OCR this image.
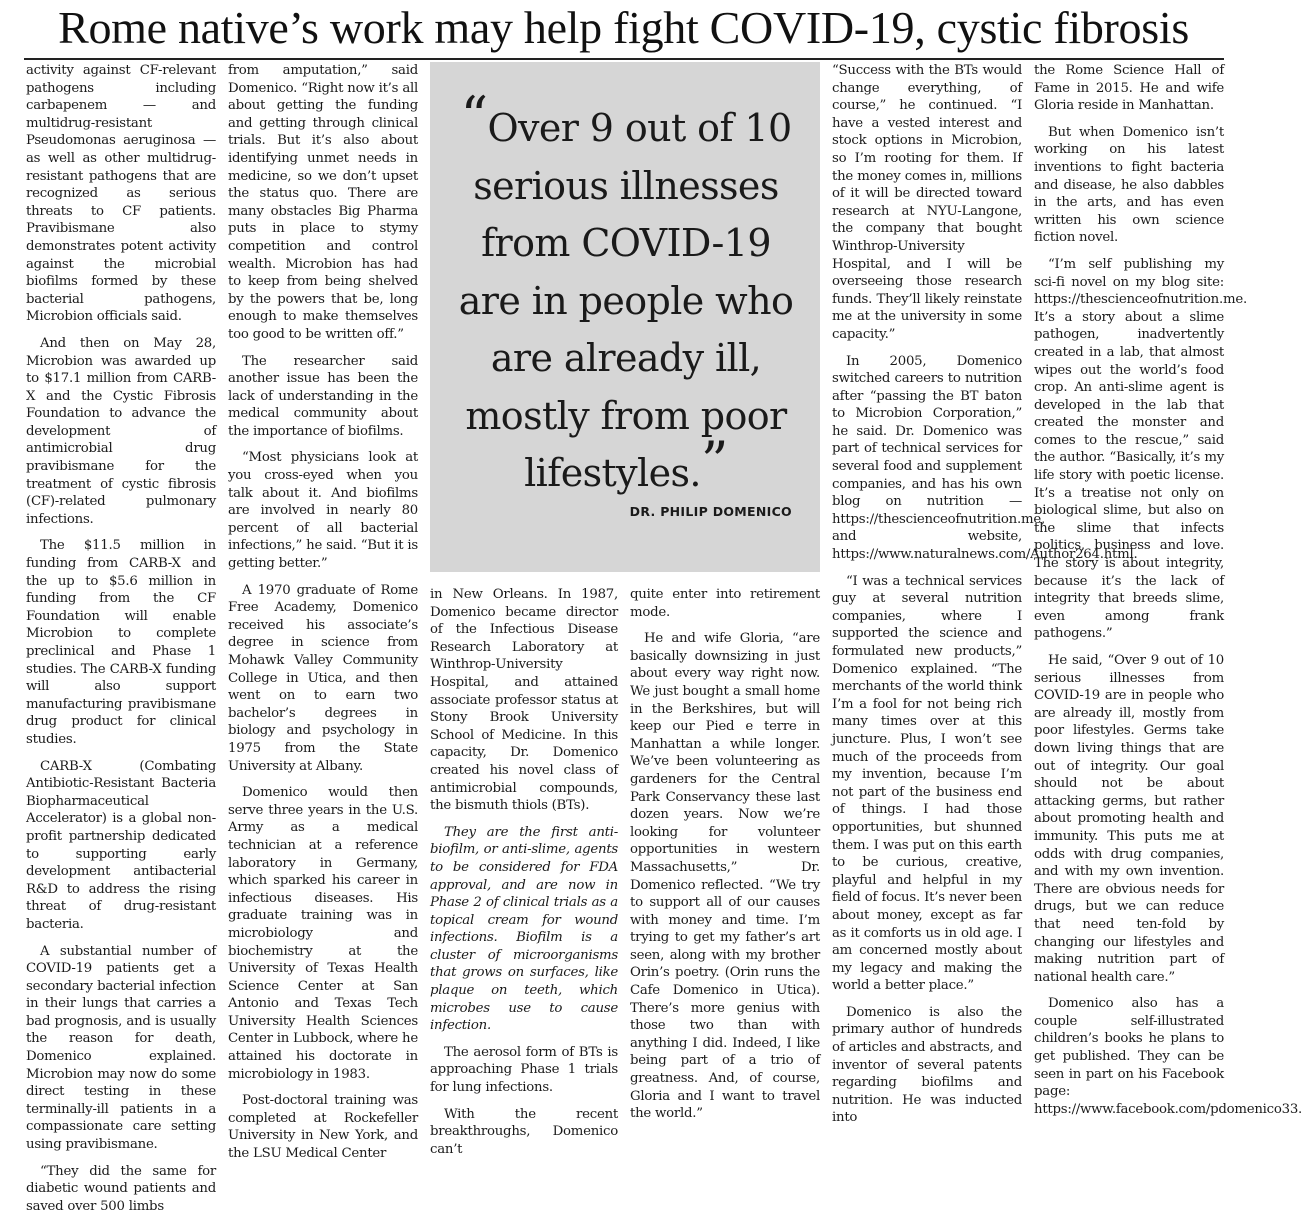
Rome native’s work may help fight COVID-19, cystic fibrosis

activity against CF-relevant pathogens including carbapenem — and multidrug-resistant Pseudomonas aeruginosa — as well as other multidrug-resistant pathogens that are recognized as serious threats to CF patients. Pravibismane also demonstrates potent activity against the microbial biofilms formed by these bacterial pathogens, Microbion officials said.

And then on May 28, Microbion was awarded up to $17.1 million from CARB-X and the Cystic Fibrosis Foundation to advance the development of antimicrobial drug pravibismane for the treatment of cystic fibrosis (CF)-related pulmonary infections.

The $11.5 million in funding from CARB-X and the up to $5.6 million in funding from the CF Foundation will enable Microbion to complete preclinical and Phase 1 studies. The CARB-X funding will also support manufacturing pravibismane drug product for clinical studies.

CARB-X (Combating Antibiotic-Resistant Bacteria Biopharmaceutical Accelerator) is a global non-profit partnership dedicated to supporting early development antibacterial R&D to address the rising threat of drug-resistant bacteria.

A substantial number of COVID-19 patients get a secondary bacterial infection in their lungs that carries a bad prognosis, and is usually the reason for death, Domenico explained. Microbion may now do some direct testing in these terminally-ill patients in a compassionate care setting using pravibismane.

“They did the same for diabetic wound patients and saved over 500 limbs

from amputation,” said Domenico. “Right now it’s all about getting the funding and getting through clinical trials. But it’s also about identifying unmet needs in medicine, so we don’t upset the status quo. There are many obstacles Big Pharma puts in place to stymy competition and control wealth. Microbion has had to keep from being shelved by the powers that be, long enough to make themselves too good to be written off.”

The researcher said another issue has been the lack of understanding in the medical community about the importance of biofilms.

“Most physicians look at you cross-eyed when you talk about it. And biofilms are involved in nearly 80 percent of all bacterial infections,” he said. “But it is getting better.”

A 1970 graduate of Rome Free Academy, Domenico received his associate’s degree in science from Mohawk Valley Community College in Utica, and then went on to earn two bachelor’s degrees in biology and psychology in 1975 from the State University at Albany.

Domenico would then serve three years in the U.S. Army as a medical technician at a reference laboratory in Germany, which sparked his career in infectious diseases. His graduate training was in microbiology and biochemistry at the University of Texas Health Science Center at San Antonio and Texas Tech University Health Sciences Center in Lubbock, where he attained his doctorate in microbiology in 1983.

Post-doctoral training was completed at Rockefeller University in New York, and the LSU Medical Center

“Over 9 out of 10 serious illnesses from COVID-19 are in people who are already ill, mostly from poor lifestyles.”
DR. PHILIP DOMENICO

in New Orleans. In 1987, Domenico became director of the Infectious Disease Research Laboratory at Winthrop-University Hospital, and attained associate professor status at Stony Brook University School of Medicine. In this capacity, Dr. Domenico created his novel class of antimicrobial compounds, the bismuth thiols (BTs).

They are the first anti-biofilm, or anti-slime, agents to be considered for FDA approval, and are now in Phase 2 of clinical trials as a topical cream for wound infections. Biofilm is a cluster of microorganisms that grows on surfaces, like plaque on teeth, which microbes use to cause infection.

The aerosol form of BTs is approaching Phase 1 trials for lung infections.

With the recent breakthroughs, Domenico can’t

quite enter into retirement mode.

He and wife Gloria, “are basically downsizing in just about every way right now. We just bought a small home in the Berkshires, but will keep our Pied e terre in Manhattan a while longer. We’ve been volunteering as gardeners for the Central Park Conservancy these last dozen years. Now we’re looking for volunteer opportunities in western Massachusetts,” Dr. Domenico reflected. “We try to support all of our causes with money and time. I’m trying to get my father’s art seen, along with my brother Orin’s poetry. (Orin runs the Cafe Domenico in Utica). There’s more genius with those two than with anything I did. Indeed, I like being part of a trio of greatness. And, of course, Gloria and I want to travel the world.”

“Success with the BTs would change everything, of course,” he continued. “I have a vested interest and stock options in Microbion, so I’m rooting for them. If the money comes in, millions of it will be directed toward research at NYU-Langone, the company that bought Winthrop-University Hospital, and I will be overseeing those research funds. They’ll likely reinstate me at the university in some capacity.”

In 2005, Domenico switched careers to nutrition after “passing the BT baton to Microbion Corporation,” he said. Dr. Domenico was part of technical services for several food and supplement companies, and has his own blog on nutrition — https://thescienceofnutrition.me, and website, https://www.naturalnews.com/Author264.html.

“I was a technical services guy at several nutrition companies, where I supported the science and formulated new products,” Domenico explained. “The merchants of the world think I’m a fool for not being rich many times over at this juncture. Plus, I won’t see much of the proceeds from my invention, because I’m not part of the business end of things. I had those opportunities, but shunned them. I was put on this earth to be curious, creative, playful and helpful in my field of focus. It’s never been about money, except as far as it comforts us in old age. I am concerned mostly about my legacy and making the world a better place.”

Domenico is also the primary author of hundreds of articles and abstracts, and inventor of several patents regarding biofilms and nutrition. He was inducted into

the Rome Science Hall of Fame in 2015. He and wife Gloria reside in Manhattan.

But when Domenico isn’t working on his latest inventions to fight bacteria and disease, he also dabbles in the arts, and has even written his own science fiction novel.

“I’m self publishing my sci-fi novel on my blog site: https://thescienceofnutrition.me. It’s a story about a slime pathogen, inadvertently created in a lab, that almost wipes out the world’s food crop. An anti-slime agent is developed in the lab that created the monster and comes to the rescue,” said the author. “Basically, it’s my life story with poetic license. It’s a treatise not only on biological slime, but also on the slime that infects politics, business and love. The story is about integrity, because it’s the lack of integrity that breeds slime, even among frank pathogens.”

He said, “Over 9 out of 10 serious illnesses from COVID-19 are in people who are already ill, mostly from poor lifestyles. Germs take down living things that are out of integrity. Our goal should not be about attacking germs, but rather about promoting health and immunity. This puts me at odds with drug companies, and with my own invention. There are obvious needs for drugs, but we can reduce that need ten-fold by changing our lifestyles and making nutrition part of national health care.”

Domenico also has a couple self-illustrated children’s books he plans to get published. They can be seen in part on his Facebook page: https://www.facebook.com/pdomenico33.
